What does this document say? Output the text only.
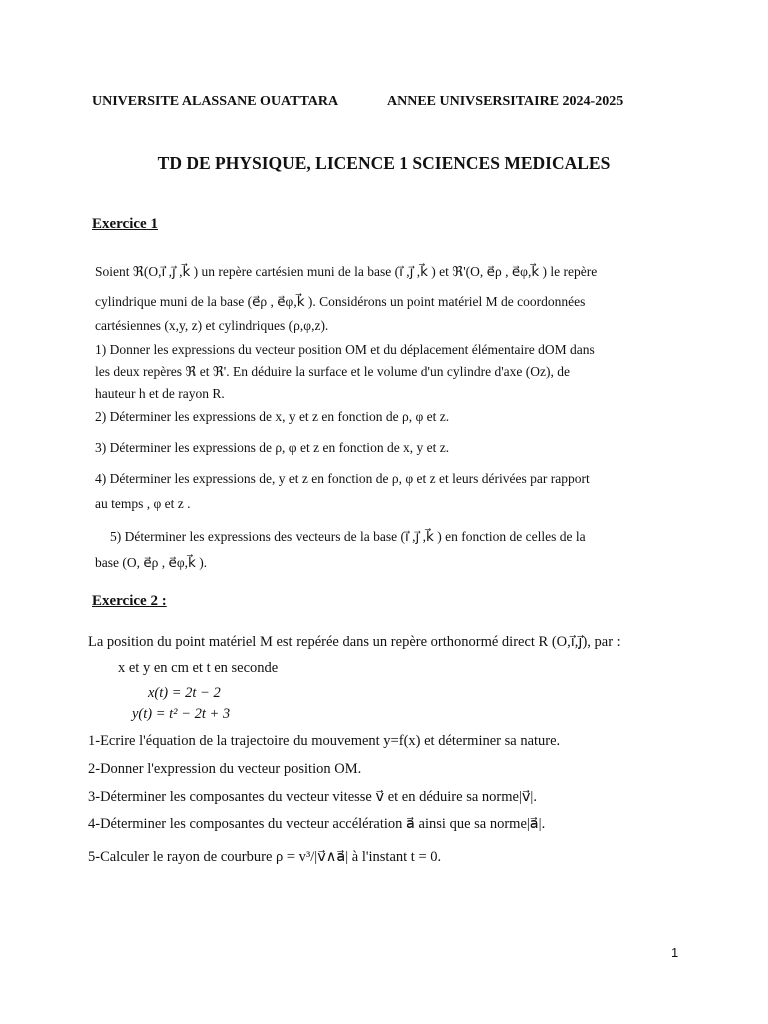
UNIVERSITE ALASSANE OUATTARA	ANNEE UNIVSERSITAIRE 2024-2025
TD DE PHYSIQUE, LICENCE 1 SCIENCES MEDICALES
Exercice 1
Soient ℜ(O,i⃗ ,j⃗ ,k⃗ ) un repère cartésien muni de la base (i⃗ ,j⃗ ,k⃗ ) et ℜ'(O, e⃗ρ , e⃗φ,k⃗ ) le repère
cylindrique muni de la base (e⃗ρ , e⃗φ,k⃗ ). Considérons un point matériel M de coordonnées
cartésiennes (x,y, z) et cylindriques (ρ,φ,z).
1) Donner les expressions du vecteur position OM et du déplacement élémentaire dOM dans
les deux repères ℜ et ℜ'. En déduire la surface et le volume d'un cylindre d'axe (Oz), de
hauteur h et de rayon R.
2) Déterminer les expressions de x, y et z en fonction de ρ, φ et z.
3) Déterminer les expressions de ρ, φ et z en fonction de x, y et z.
4) Déterminer les expressions de, y et z en fonction de ρ, φ et z et leurs dérivées par rapport
au temps , φ et z .
5) Déterminer les expressions des vecteurs de la base (i⃗ ,j⃗ ,k⃗ ) en fonction de celles de la
base (O, e⃗ρ , e⃗φ,k⃗ ).
Exercice 2 :
La position du point matériel M est repérée dans un repère orthonormé direct R (O,i⃗,j⃗), par :
x et y en cm et t en seconde
x(t) = 2t − 2
y(t) = t² − 2t + 3
1-Ecrire l'équation de la trajectoire du mouvement y=f(x) et déterminer sa nature.
2-Donner l'expression du vecteur position OM.
3-Déterminer les composantes du vecteur vitesse v⃗ et en déduire sa norme|v⃗|.
4-Déterminer les composantes du vecteur accélération a⃗ ainsi que sa norme|a⃗|.
5-Calculer le rayon de courbure ρ = v³/|v⃗∧a⃗| à l'instant t = 0.
1
